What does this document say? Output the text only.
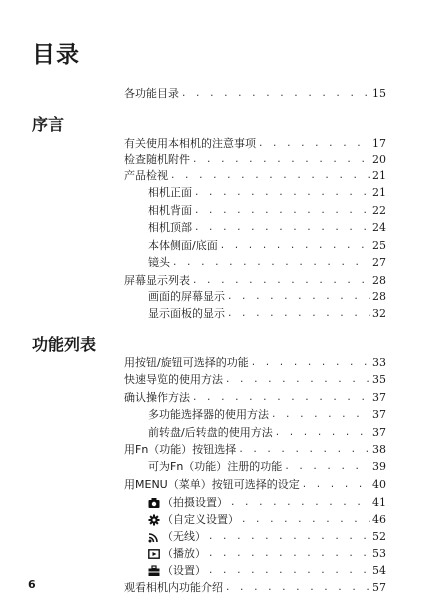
目录
各功能目录 . . .	15
序言
有关使用本相机的注意事项 . . .	17
检查随机附件 . . .	20
产品检视 . . .	21
相机正面 . . .	21
相机背面 . . .	22
相机顶部 . . .	24
本体侧面/底面 . . .	25
镜头 . . .	27
屏幕显示列表 . . .	28
画面的屏幕显示 . . .	28
显示面板的显示 . . .	32
功能列表
用按钮/旋钮可选择的功能 . . .	33
快速导览的使用方法 . . .	35
确认操作方法 . . .	37
多功能选择器的使用方法 . . .	37
前转盘/后转盘的使用方法 . . .	37
用Fn（功能）按钮选择 . . .	38
可为Fn（功能）注册的功能 . . .	39
用MENU（菜单）按钮可选择的设定 . . .	40
（拍摄设置） . . .	41
（自定义设置） . . .	46
（无线） . . .	52
（播放） . . .	53
（设置） . . .	54
观看相机内功能介绍 . . .	57
6
